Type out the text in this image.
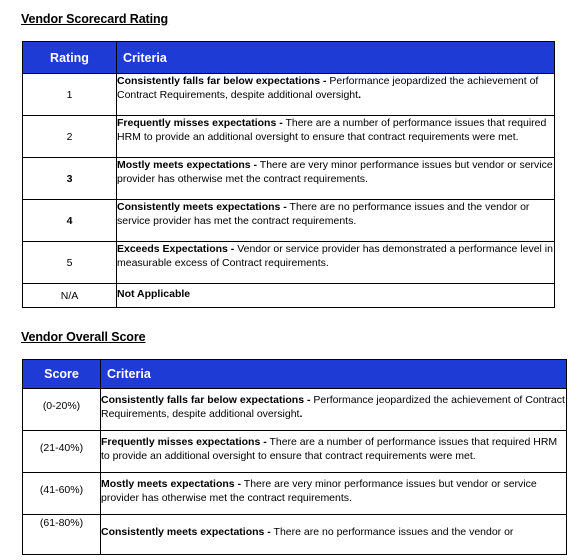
Vendor Scorecard Rating
Rating	Criteria
1	Consistently falls far below expectations - Performance jeopardized the achievement of Contract Requirements, despite additional oversight.
2	Frequently misses expectations - There are a number of performance issues that required HRM to provide an additional oversight to ensure that contract requirements were met.
3	Mostly meets expectations - There are very minor performance issues but vendor or service provider has otherwise met the contract requirements.
4	Consistently meets expectations - There are no performance issues and the vendor or service provider has met the contract requirements.
5	Exceeds Expectations - Vendor or service provider has demonstrated a performance level in measurable excess of Contract requirements.
N/A	Not Applicable
Vendor Overall Score
Score	Criteria
(0-20%)	Consistently falls far below expectations - Performance jeopardized the achievement of Contract Requirements, despite additional oversight.
(21-40%)	Frequently misses expectations - There are a number of performance issues that required HRM to provide an additional oversight to ensure that contract requirements were met.
(41-60%)	Mostly meets expectations - There are very minor performance issues but vendor or service provider has otherwise met the contract requirements.
(61-80%)	Consistently meets expectations - There are no performance issues and the vendor or
